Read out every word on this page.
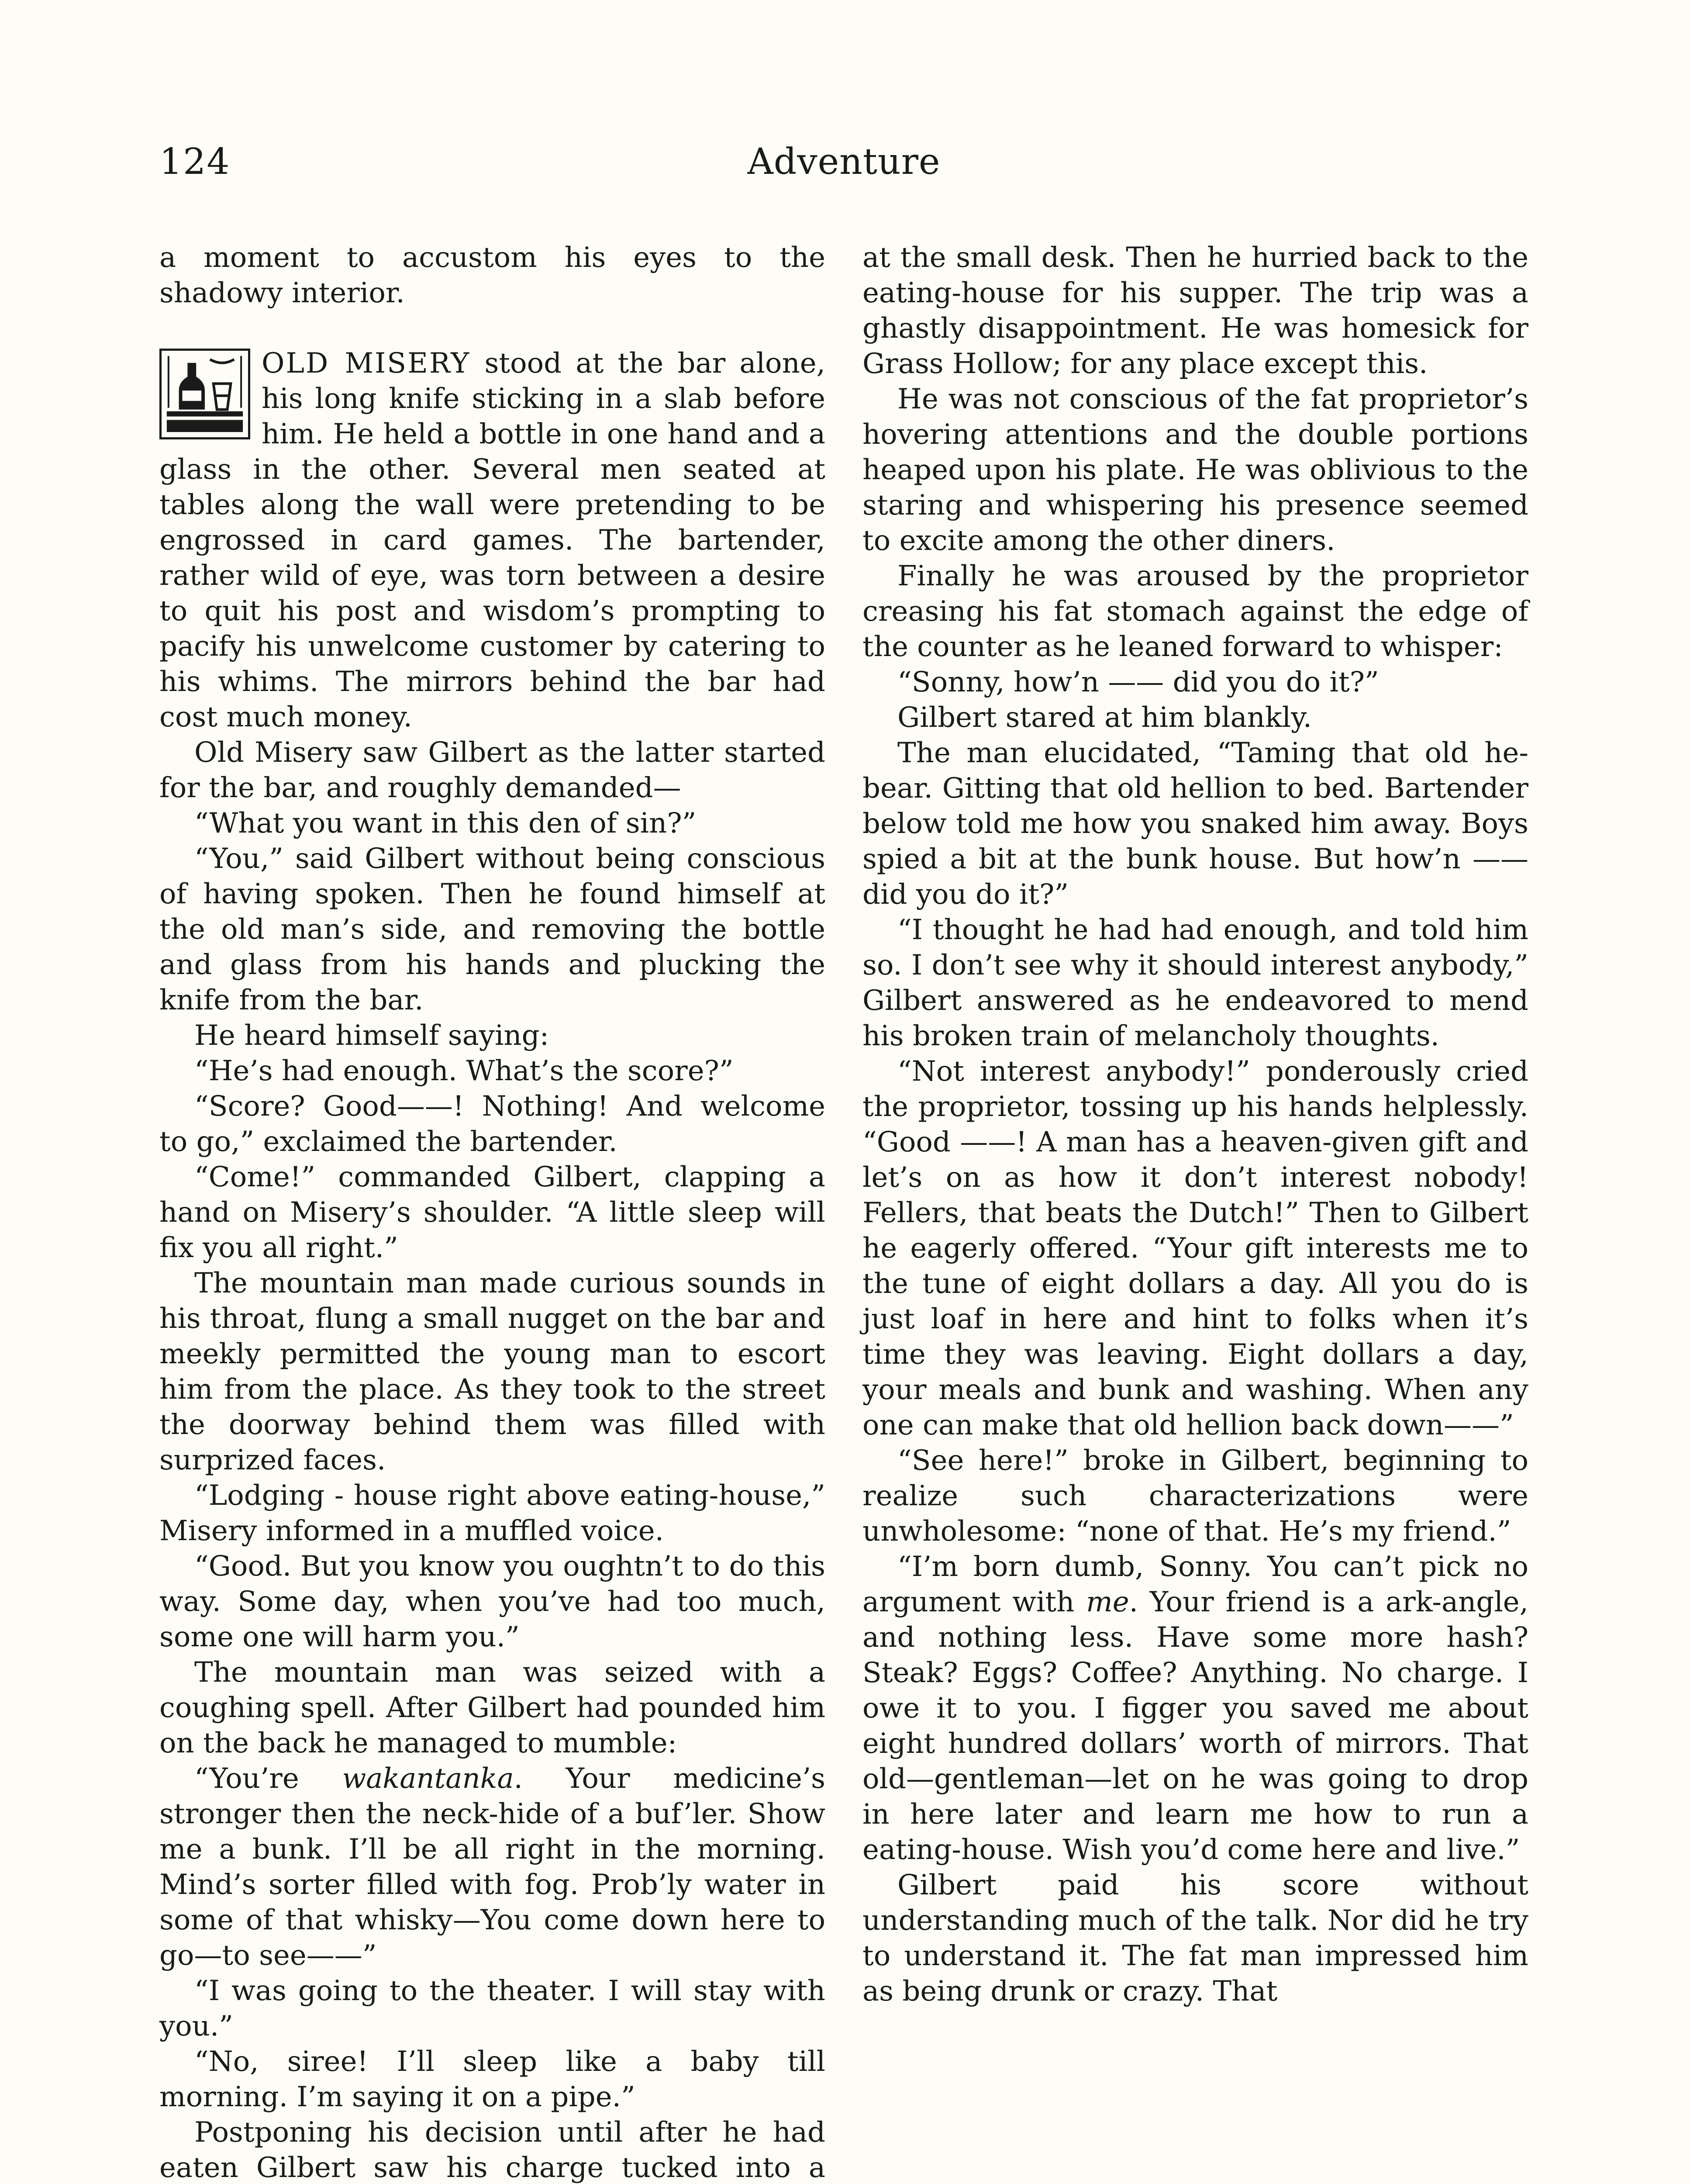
124	Adventure

a moment to accustom his eyes to the shadowy interior.

OLD MISERY stood at the bar alone, his long knife sticking in a slab before him. He held a bottle in one hand and a glass in the other. Several men seated at tables along the wall were pretending to be engrossed in card games. The bartender, rather wild of eye, was torn between a desire to quit his post and wisdom’s prompting to pacify his unwelcome customer by catering to his whims. The mirrors behind the bar had cost much money.

Old Misery saw Gilbert as the latter started for the bar, and roughly demanded—

“What you want in this den of sin?”

“You,” said Gilbert without being conscious of having spoken. Then he found himself at the old man’s side, and removing the bottle and glass from his hands and plucking the knife from the bar.

He heard himself saying:

“He’s had enough. What’s the score?”

“Score? Good——! Nothing! And welcome to go,” exclaimed the bartender.

“Come!” commanded Gilbert, clapping a hand on Misery’s shoulder. “A little sleep will fix you all right.”

The mountain man made curious sounds in his throat, flung a small nugget on the bar and meekly permitted the young man to escort him from the place. As they took to the street the doorway behind them was filled with surprized faces.

“Lodging - house right above eating-house,” Misery informed in a muffled voice.

“Good. But you know you oughtn’t to do this way. Some day, when you’ve had too much, some one will harm you.”

The mountain man was seized with a coughing spell. After Gilbert had pounded him on the back he managed to mumble:

“You’re wakantanka. Your medicine’s stronger then the neck-hide of a buf’ler. Show me a bunk. I’ll be all right in the morning. Mind’s sorter filled with fog. Prob’ly water in some of that whisky—You come down here to go—to see——”

“I was going to the theater. I will stay with you.”

“No, siree! I’ll sleep like a baby till morning. I’m saying it on a pipe.”

Postponing his decision until after he had eaten Gilbert saw his charge tucked into a

at the small desk. Then he hurried back to the eating-house for his supper. The trip was a ghastly disappointment. He was homesick for Grass Hollow; for any place except this.

He was not conscious of the fat proprietor’s hovering attentions and the double portions heaped upon his plate. He was oblivious to the staring and whispering his presence seemed to excite among the other diners.

Finally he was aroused by the proprietor creasing his fat stomach against the edge of the counter as he leaned forward to whisper:

“Sonny, how’n —— did you do it?”

Gilbert stared at him blankly.

The man elucidated, “Taming that old he-bear. Gitting that old hellion to bed. Bartender below told me how you snaked him away. Boys spied a bit at the bunk house. But how’n —— did you do it?”

“I thought he had had enough, and told him so. I don’t see why it should interest anybody,” Gilbert answered as he endeavored to mend his broken train of melancholy thoughts.

“Not interest anybody!” ponderously cried the proprietor, tossing up his hands helplessly. “Good ——! A man has a heaven-given gift and let’s on as how it don’t interest nobody! Fellers, that beats the Dutch!” Then to Gilbert he eagerly offered. “Your gift interests me to the tune of eight dollars a day. All you do is just loaf in here and hint to folks when it’s time they was leaving. Eight dollars a day, your meals and bunk and washing. When any one can make that old hellion back down——”

“See here!” broke in Gilbert, beginning to realize such characterizations were unwholesome: “none of that. He’s my friend.”

“I’m born dumb, Sonny. You can’t pick no argument with me. Your friend is a ark-angle, and nothing less. Have some more hash? Steak? Eggs? Coffee? Anything. No charge. I owe it to you. I figger you saved me about eight hundred dollars’ worth of mirrors. That old—gentleman—let on he was going to drop in here later and learn me how to run a eating-house. Wish you’d come here and live.”

Gilbert paid his score without understanding much of the talk. Nor did he try to understand it. The fat man impressed him as being drunk or crazy. That
